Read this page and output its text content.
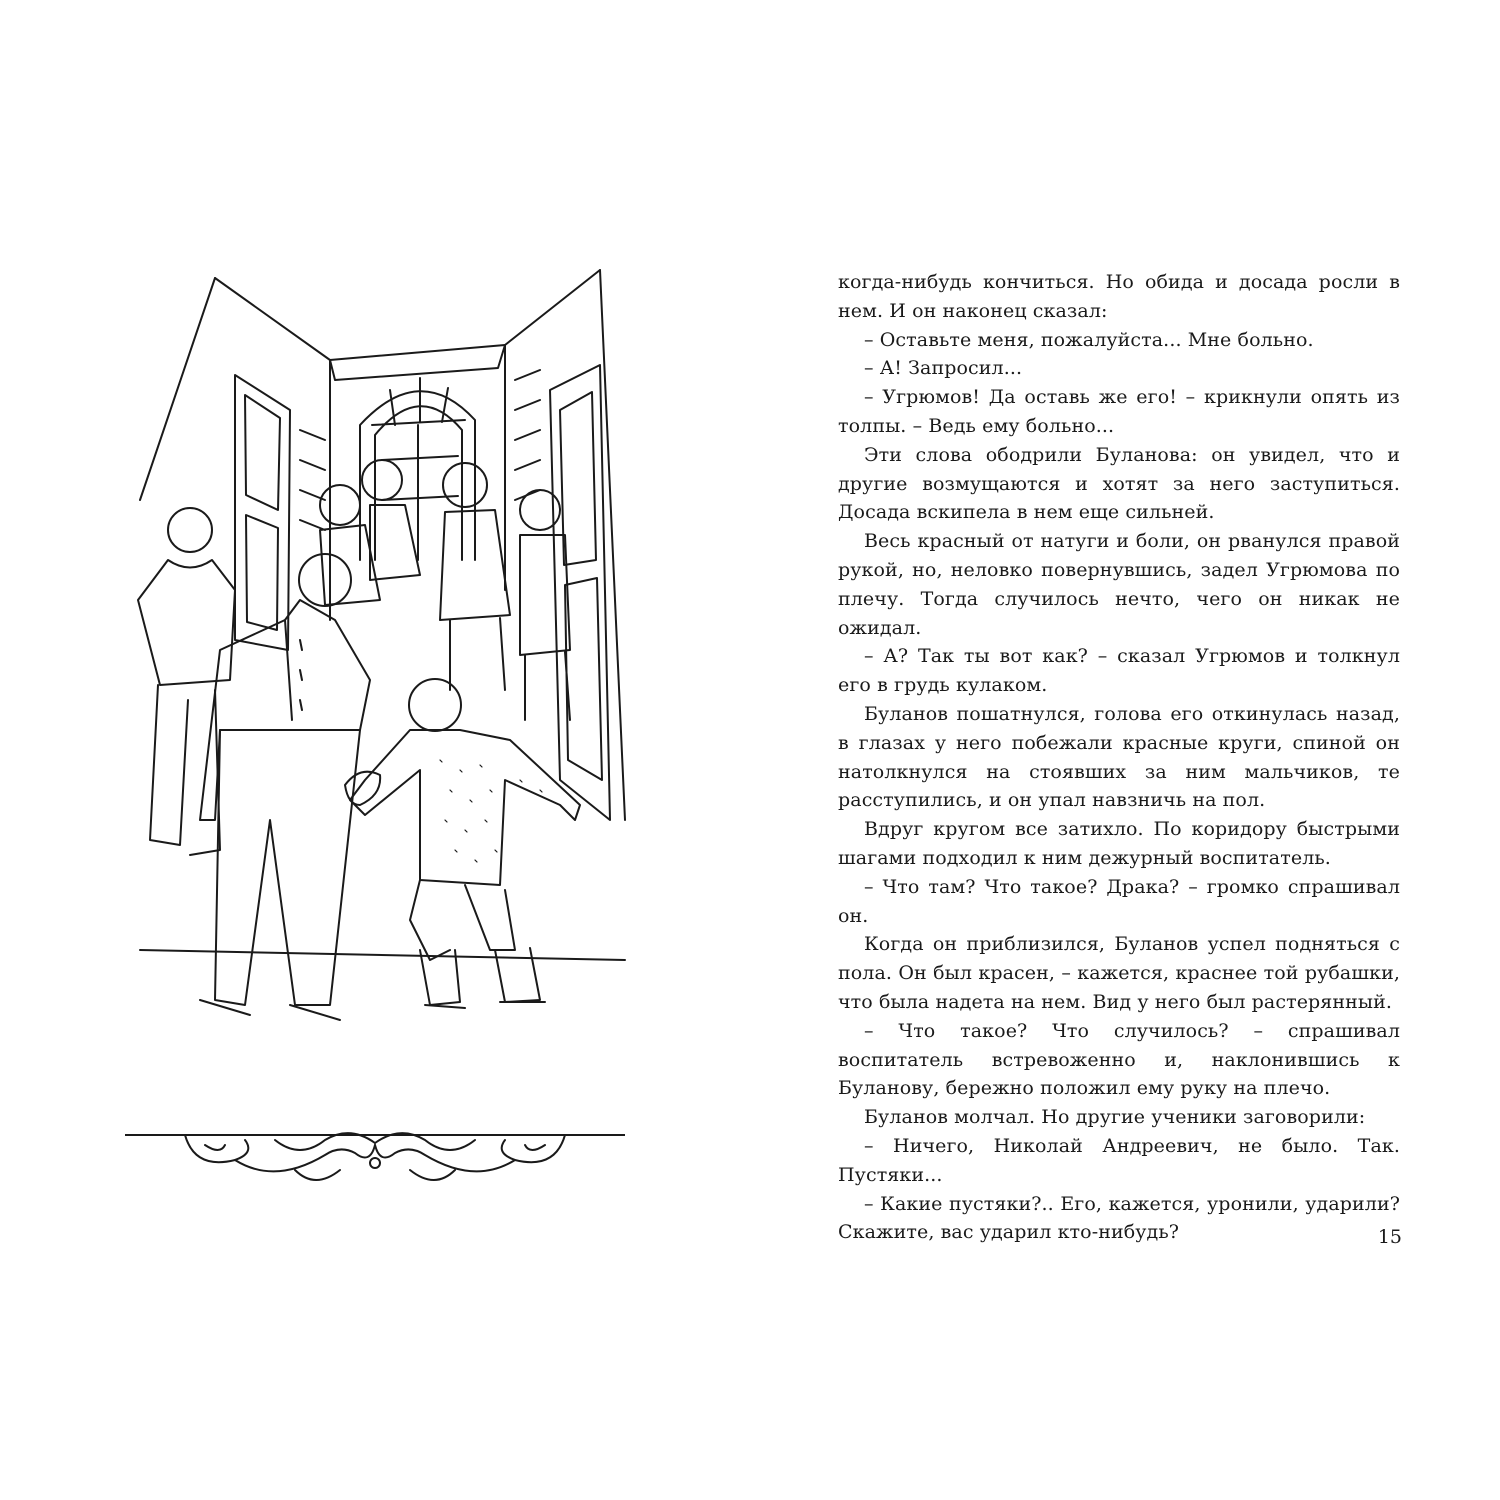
когда-нибудь кончиться. Но обида и досада росли в нем. И он наконец сказал:

– Оставьте меня, пожалуйста... Мне больно.

– А! Запросил...

– Угрюмов! Да оставь же его! – крикнули опять из толпы. – Ведь ему больно...

Эти слова ободрили Буланова: он увидел, что и другие возмущаются и хотят за него заступиться. Досада вскипела в нем еще сильней.

Весь красный от натуги и боли, он рванулся правой рукой, но, неловко повернувшись, задел Угрюмова по плечу. Тогда случилось нечто, чего он никак не ожидал.

– А? Так ты вот как? – сказал Угрюмов и толкнул его в грудь кулаком.

Буланов пошатнулся, голова его откинулась назад, в глазах у него побежали красные круги, спиной он натолкнулся на стоявших за ним мальчиков, те расступились, и он упал навзничь на пол.

Вдруг кругом все затихло. По коридору быстрыми шагами подходил к ним дежурный воспитатель.

– Что там? Что такое? Драка? – громко спрашивал он.

Когда он приблизился, Буланов успел подняться с пола. Он был красен, – кажется, краснее той рубашки, что была надета на нем. Вид у него был растерянный.

– Что такое? Что случилось? – спрашивал воспитатель встревоженно и, наклонившись к Буланову, бережно положил ему руку на плечо.

Буланов молчал. Но другие ученики заговорили:

– Ничего, Николай Андреевич, не было. Так. Пустяки...

– Какие пустяки?.. Его, кажется, уронили, ударили? Скажите, вас ударил кто-нибудь?	15
